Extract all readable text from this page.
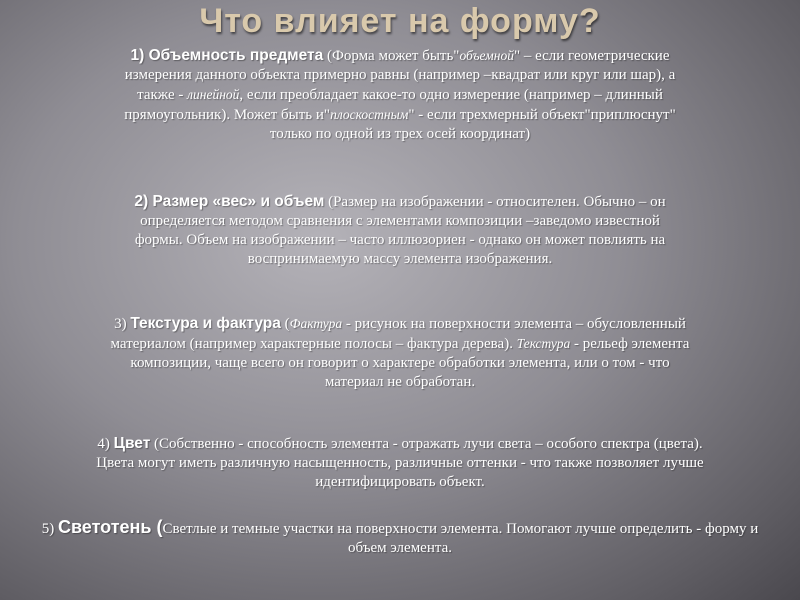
Что влияет на форму?
1) Объемность предмета (Форма может быть"объемной" – если геометрические измерения данного объекта примерно равны (например –квадрат или круг или шар), а также - линейной, если преобладает какое-то одно измерение (например – длинный прямоугольник). Может быть и"плоскостным" - если трехмерный объект"приплюснут" только по одной из трех осей координат)
2) Размер «вес» и объем (Размер на изображении - относителен. Обычно – он определяется методом сравнения с элементами композиции –заведомо известной формы. Объем на изображении – часто иллюзориен - однако он может повлиять на воспринимаемую массу элемента изображения.
3) Текстура и фактура (Фактура - рисунок на поверхности элемента – обусловленный материалом (например характерные полосы – фактура дерева). Текстура - рельеф элемента композиции, чаще всего он говорит о характере обработки элемента, или о том - что материал не обработан.
4) Цвет (Собственно - способность элемента - отражать лучи света – особого спектра (цвета). Цвета могут иметь различную насыщенность, различные оттенки - что также позволяет лучше идентифицировать объект.
5) Светотень (Светлые и темные участки на поверхности элемента. Помогают лучше определить - форму и объем элемента.
